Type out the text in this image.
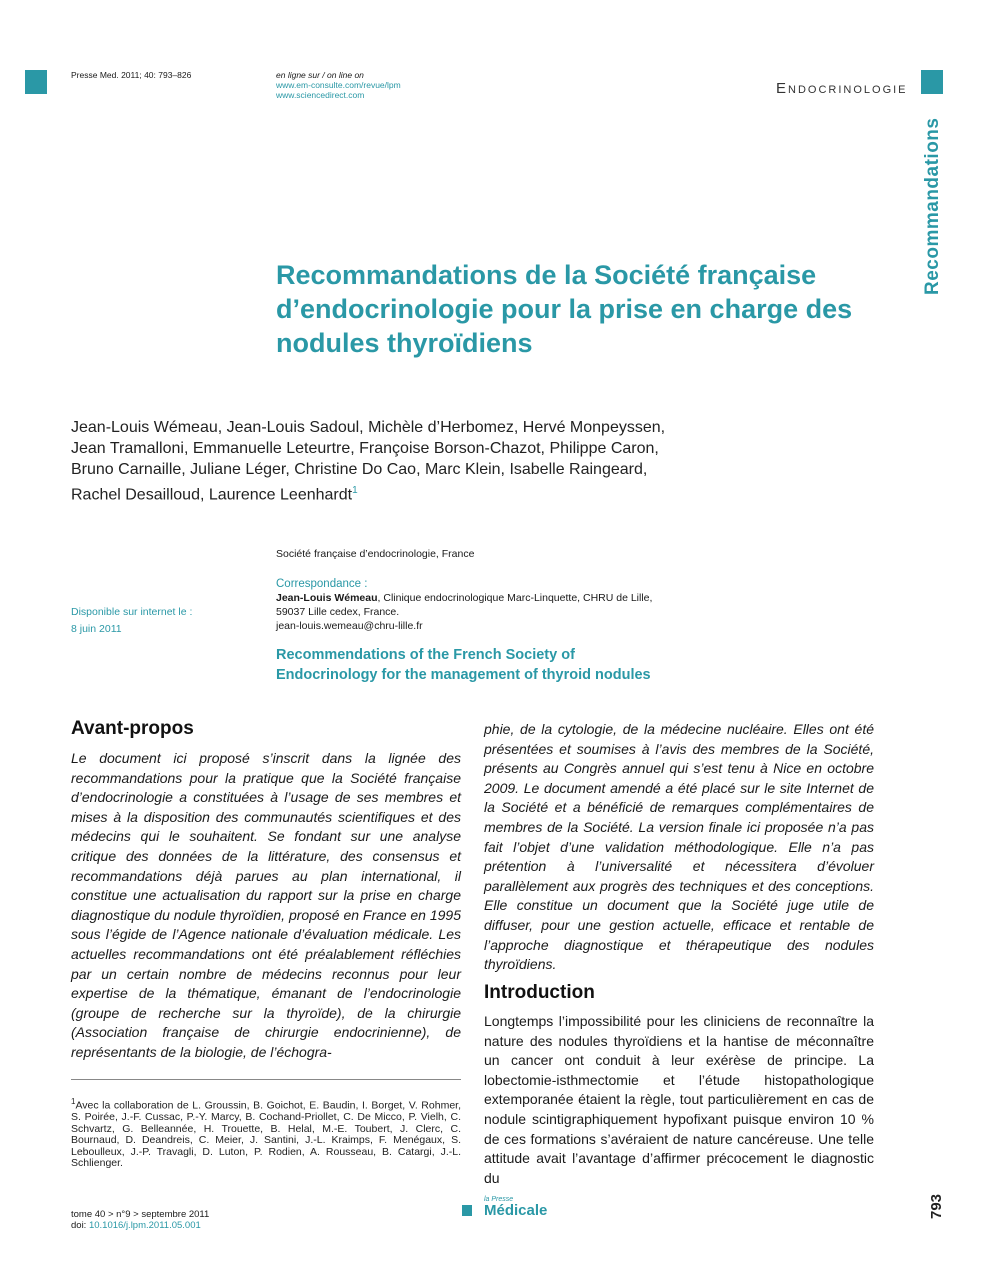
Presse Med. 2011; 40: 793–826	en ligne sur / on line on
www.em-consulte.com/revue/lpm
www.sciencedirect.com	Endocrinologie
Recommandations
Recommandations de la Société française
d’endocrinologie pour la prise en charge des
nodules thyroïdiens
Jean-Louis Wémeau, Jean-Louis Sadoul, Michèle d’Herbomez, Hervé Monpeyssen,
Jean Tramalloni, Emmanuelle Leteurtre, Françoise Borson-Chazot, Philippe Caron,
Bruno Carnaille, Juliane Léger, Christine Do Cao, Marc Klein, Isabelle Raingeard,
Rachel Desailloud, Laurence Leenhardt$^1$
Société française d’endocrinologie, France
Disponible sur internet le :
8 juin 2011
Correspondance :
Jean-Louis Wémeau, Clinique endocrinologique Marc-Linquette, CHRU de Lille,
59037 Lille cedex, France.
jean-louis.wemeau@chru-lille.fr
Recommendations of the French Society of
Endocrinology for the management of thyroid nodules
Avant-propos
Le document ici proposé s’inscrit dans la lignée des recommandations pour la pratique que la Société française d’endocrinologie a constituées à l’usage de ses membres et mises à la disposition des communautés scientifiques et des médecins qui le souhaitent. Se fondant sur une analyse critique des données de la littérature, des consensus et recommandations déjà parues au plan international, il constitue une actualisation du rapport sur la prise en charge diagnostique du nodule thyroïdien, proposé en France en 1995 sous l’égide de l’Agence nationale d’évaluation médicale. Les actuelles recommandations ont été préalablement réfléchies par un certain nombre de médecins reconnus pour leur expertise de la thématique, émanant de l’endocrinologie (groupe de recherche sur la thyroïde), de la chirurgie (Association française de chirurgie endocrinienne), de représentants de la biologie, de l’échogra-
phie, de la cytologie, de la médecine nucléaire. Elles ont été présentées et soumises à l’avis des membres de la Société, présents au Congrès annuel qui s’est tenu à Nice en octobre 2009. Le document amendé a été placé sur le site Internet de la Société et a bénéficié de remarques complémentaires de membres de la Société. La version finale ici proposée n’a pas fait l’objet d’une validation méthodologique. Elle n’a pas prétention à l’universalité et nécessitera d’évoluer parallèlement aux progrès des techniques et des conceptions. Elle constitue un document que la Société juge utile de diffuser, pour une gestion actuelle, efficace et rentable de l’approche diagnostique et thérapeutique des nodules thyroïdiens.
Introduction
Longtemps l’impossibilité pour les cliniciens de reconnaître la nature des nodules thyroïdiens et la hantise de méconnaître un cancer ont conduit à leur exérèse de principe. La lobectomie-isthmectomie et l’étude histopathologique extemporanée étaient la règle, tout particulièrement en cas de nodule scintigraphiquement hypofixant puisque environ 10 % de ces formations s’avéraient de nature cancéreuse. Une telle attitude avait l’avantage d’affirmer précocement le diagnostic du
$^1$Avec la collaboration de L. Groussin, B. Goichot, E. Baudin, I. Borget, V. Rohmer, S. Poirée, J.-F. Cussac, P.-Y. Marcy, B. Cochand-Priollet, C. De Micco, P. Vielh, C. Schvartz, G. Belleannée, H. Trouette, B. Helal, M.-E. Toubert, J. Clerc, C. Bournaud, D. Deandreis, C. Meier, J. Santini, J.-L. Kraimps, F. Menégaux, S. Leboulleux, J.-P. Travagli, D. Luton, P. Rodien, A. Rousseau, B. Catargi, J.-L. Schlienger.
tome 40 > n°9 > septembre 2011
doi: 10.1016/j.lpm.2011.05.001
la Presse
Médicale	793
